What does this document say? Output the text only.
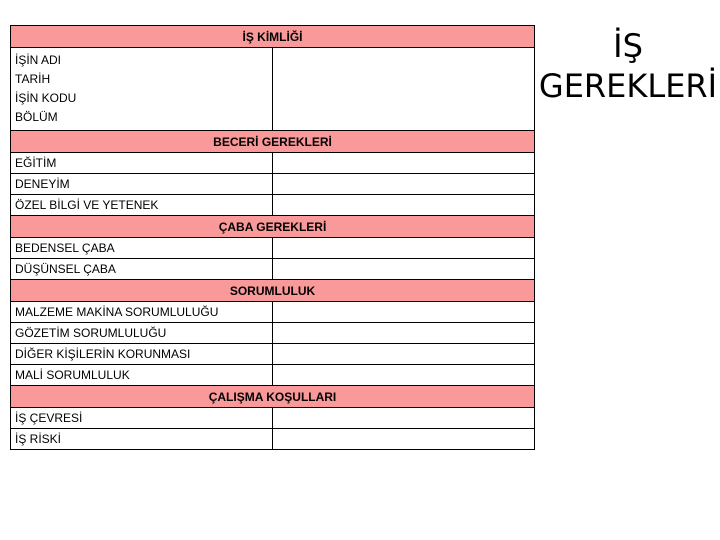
İŞ KİMLİĞİ	

İŞİN ADI
TARİH
İŞİN KODU
BÖLÜM	

BECERİ GEREKLERİ	
EĞİTİM	
DENEYİM	
ÖZEL BİLGİ VE YETENEK	
ÇABA GEREKLERİ	
BEDENSEL ÇABA	
DÜŞÜNSEL ÇABA	
SORUMLULUK	
MALZEME MAKİNA SORUMLULUĞU	
GÖZETİM SORUMLULUĞU	
DİĞER KİŞİLERİN KORUNMASI	
MALİ SORUMLULUK	
ÇALIŞMA KOŞULLARI	
İŞ ÇEVRESİ	
İŞ RİSKİ	
İŞ
GEREKLERİ
